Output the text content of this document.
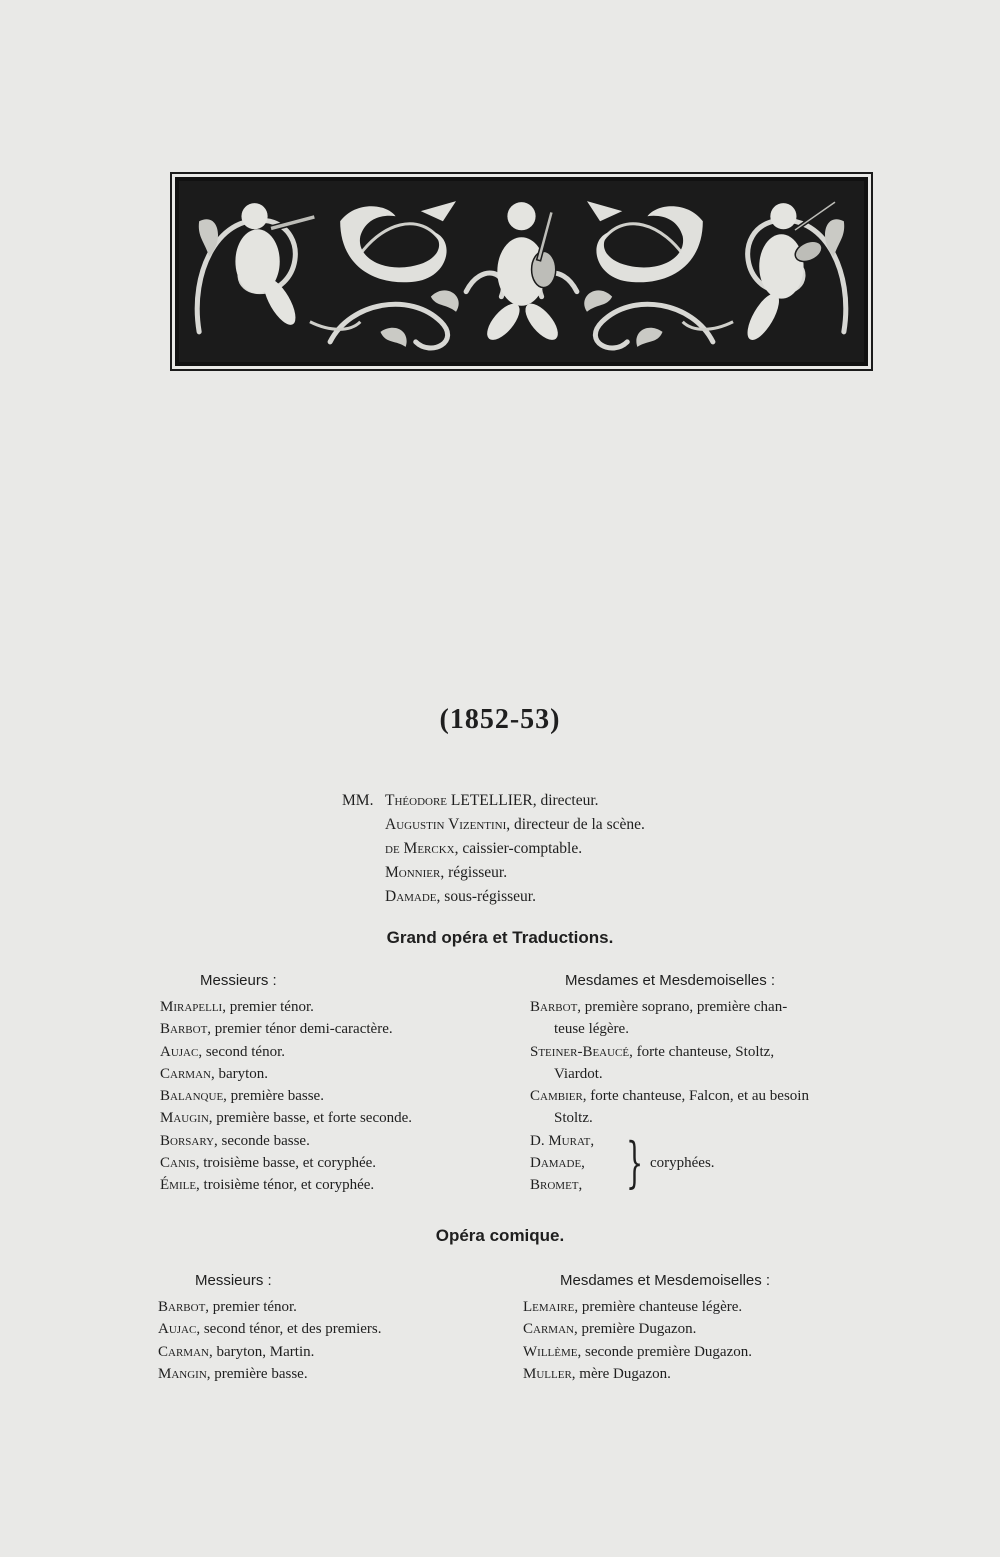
(1852-53)
MM. Théodore LETELLIER, directeur.
Augustin Vizentini, directeur de la scène.
de Merckx, caissier-comptable.
Monnier, régisseur.
Damade, sous-régisseur.
Grand opéra et Traductions.
Messieurs :	Mesdames et Mesdemoiselles :
Mirapelli, premier ténor.
Barbot, premier ténor demi-caractère.
Aujac, second ténor.
Carman, baryton.
Balanque, première basse.
Maugin, première basse, et forte seconde.
Borsary, seconde basse.
Canis, troisième basse, et coryphée.
Émile, troisième ténor, et coryphée.
Barbot, première soprano, première chan-
teuse légère.
Steiner-Beaucé, forte chanteuse, Stoltz,
Viardot.
Cambier, forte chanteuse, Falcon, et au besoin
Stoltz.
D. Murat,
Damade,
Bromet, } coryphées.
Opéra comique.
Messieurs :	Mesdames et Mesdemoiselles :
Barbot, premier ténor.
Aujac, second ténor, et des premiers.
Carman, baryton, Martin.
Mangin, première basse.
Lemaire, première chanteuse légère.
Carman, première Dugazon.
Willème, seconde première Dugazon.
Muller, mère Dugazon.
